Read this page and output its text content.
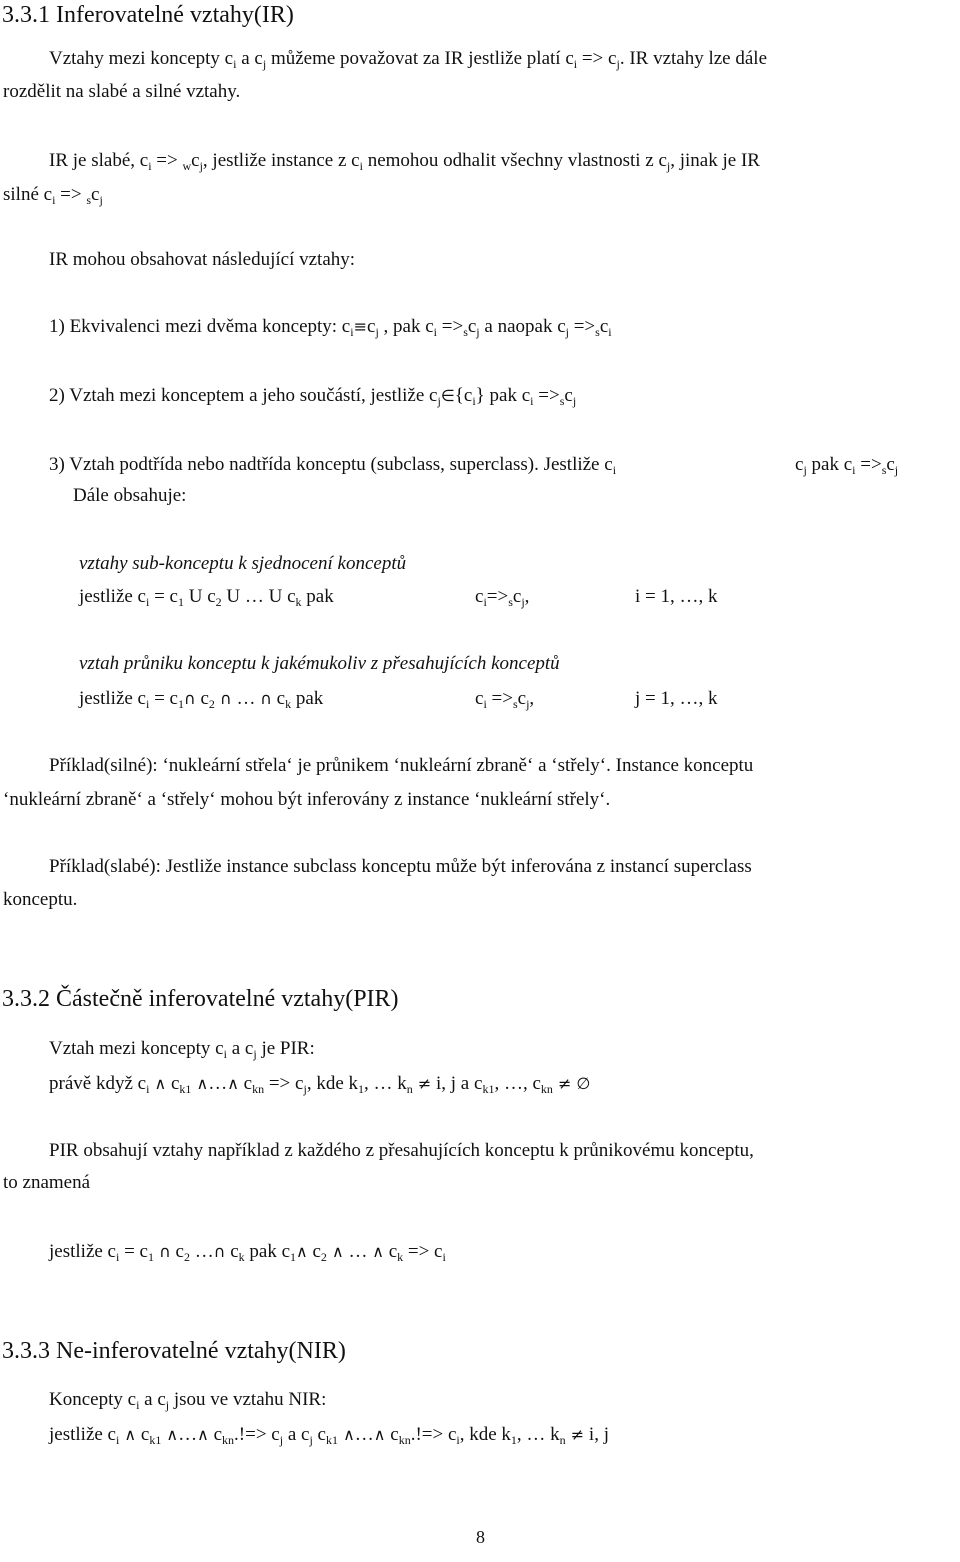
3.3.1 Inferovatelné vztahy(IR)
3.3.2 Částečně inferovatelné vztahy(PIR)
3.3.3 Ne-inferovatelné vztahy(NIR)
Vztahy mezi koncepty $c_i$ a $c_j$ můžeme považovat za IR jestliže platí $c_i => c_j$. IR vztahy lze dále
rozdělit na slabé a silné vztahy.
IR je slabé, $c_i => _wc_j$, jestliže instance z $c_i$ nemohou odhalit všechny vlastnosti z $c_j$, jinak je IR
silné $c_i => _sc_j$
IR mohou obsahovat následující vztahy:
1) Ekvivalenci mezi dvěma koncepty: $c_i\equiv c_j$ , pak $c_i =>_sc_j$ a naopak $c_j =>_sc_i$
2) Vztah mezi konceptem a jeho součástí, jestliže $c_j\in\{c_i\}$ pak $c_i =>_sc_j$
3) Vztah podtřída nebo nadtřída konceptu (subclass, superclass). Jestliže $c_i$	$c_j$ pak $c_i =>_sc_j$
Dále obsahuje:
vztahy sub-konceptu k sjednocení konceptů
jestliže $c_i = c_1$ U $c_2$ U … U $c_k$ pak	$c_i=>_sc_j$,	i = 1, …, k
vztah průniku konceptu k jakémukoliv z přesahujících konceptů
jestliže $c_i$ = $c_1\cap$ $c_2$ ∩ … ∩ $c_k$ pak	$c_i =>_sc_j$,	j = 1, …, k
Příklad(silné): ‘nukleární střela‘ je průnikem ‘nukleární zbraně‘ a ‘střely‘. Instance konceptu
‘nukleární zbraně‘ a ‘střely‘ mohou být inferovány z instance ‘nukleární střely‘.
Příklad(slabé): Jestliže instance subclass konceptu může být inferována z instancí superclass
konceptu.
Vztah mezi koncepty $c_i$ a $c_j$ je PIR:
právě když $c_i$ ∧ $c_{k1}$ ∧…∧ $c_{kn} => c_j$, kde $k_1$, … $k_n \ne i$, j a $c_{k1}$, …, $c_{kn}$ ≠ ∅
PIR obsahují vztahy například z každého z přesahujících konceptu k průnikovému konceptu,
to znamená
jestliže $c_i = c_1$ ∩ $c_2$ …∩ $c_k$ pak $c_1\wedge$ $c_2$ ∧ … ∧ $c_k => c_i$
Koncepty $c_i$ a $c_j$ jsou ve vztahu NIR:
jestliže $c_i$ ∧ $c_{k1}$ ∧…∧ $c_{kn}.!=> c_j$ a $c_j$ $c_{k1}$ ∧…∧ $c_{kn}.!=> c_i$, kde $k_1$, … $k_n \ne i$, j
8
